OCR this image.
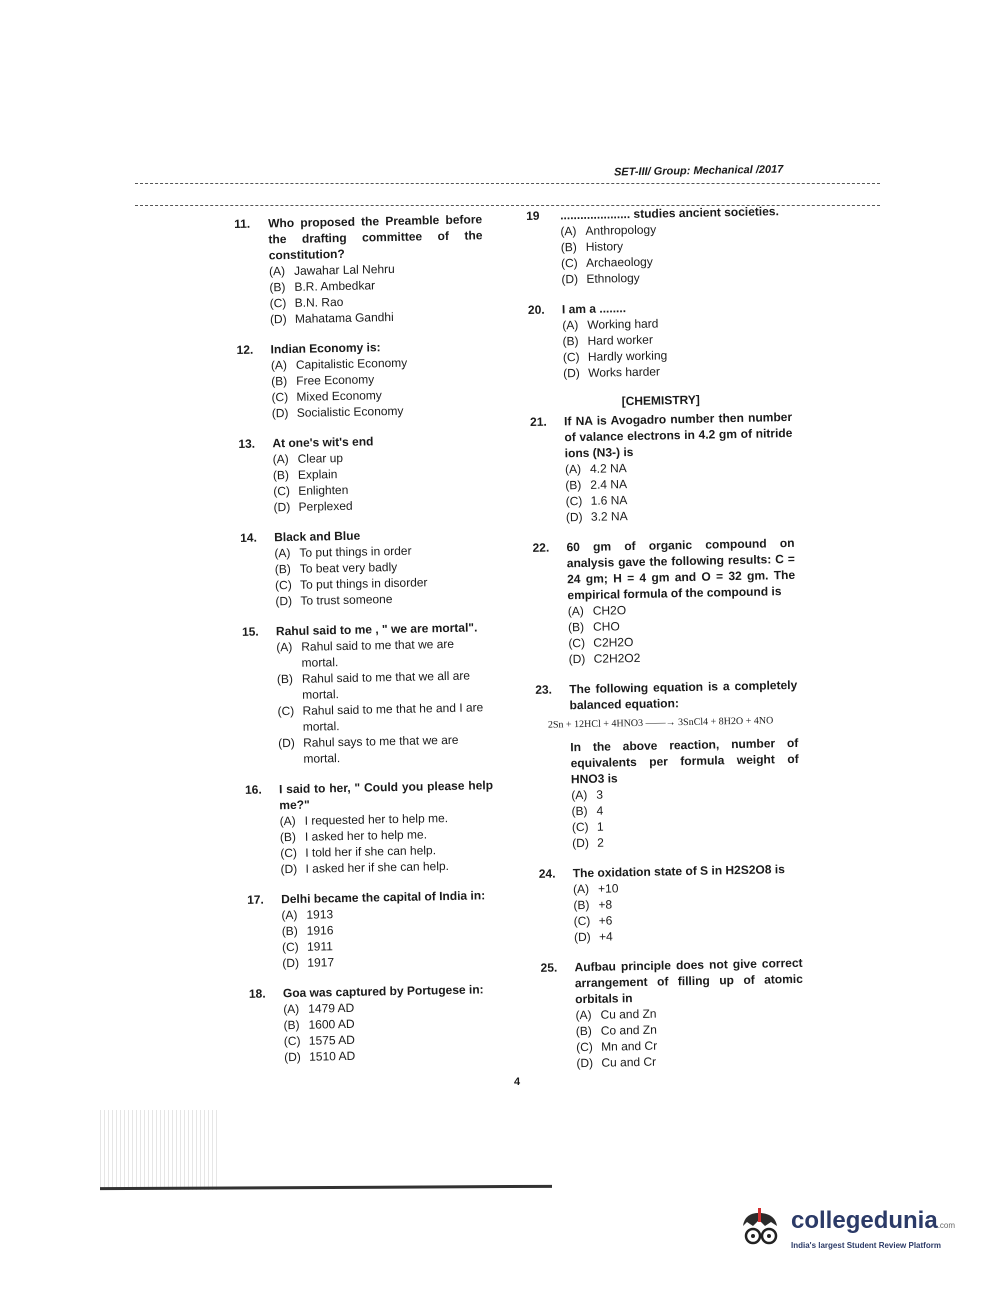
SET-III/ Group: Mechanical /2017
11. Who proposed the Preamble before the drafting committee of the constitution?
(A) Jawahar Lal Nehru
(B) B.R. Ambedkar
(C) B.N. Rao
(D) Mahatama Gandhi
12. Indian Economy is:
(A) Capitalistic Economy
(B) Free Economy
(C) Mixed Economy
(D) Socialistic Economy
13. At one's wit's end
(A) Clear up
(B) Explain
(C) Enlighten
(D) Perplexed
14. Black and Blue
(A) To put things in order
(B) To beat very badly
(C) To put things in disorder
(D) To trust someone
15. Rahul said to me , " we are mortal".
(A) Rahul said to me that we are mortal.
(B) Rahul said to me that we all are mortal.
(C) Rahul said to me that he and I are mortal.
(D) Rahul says to me that we are mortal.
16. I said to her, " Could you please help me?"
(A) I requested her to help me.
(B) I asked her to help me.
(C) I told her if she can help.
(D) I asked her if she can help.
17. Delhi became the capital of India in:
(A) 1913
(B) 1916
(C) 1911
(D) 1917
18. Goa was captured by Portugese in:
(A) 1479 AD
(B) 1600 AD
(C) 1575 AD
(D) 1510 AD
19 ..................... studies ancient societies.
(A) Anthropology
(B) History
(C) Archaeology
(D) Ethnology
20. I am a ........
(A) Working hard
(B) Hard worker
(C) Hardly working
(D) Works harder
[CHEMISTRY]
21. If NA is Avogadro number then number of valance electrons in 4.2 gm of nitride ions (N3-) is
(A) 4.2 NA
(B) 2.4 NA
(C) 1.6 NA
(D) 3.2 NA
22. 60 gm of organic compound on analysis gave the following results: C = 24 gm; H = 4 gm and O = 32 gm. The empirical formula of the compound is
(A) CH2O
(B) CHO
(C) C2H2O
(D) C2H2O2
23. The following equation is a completely balanced equation:
2Sn + 12HCl + 4HNO3 ——→ 3SnCl4 + 8H2O + 4NO
In the above reaction, number of equivalents per formula weight of HNO3 is
(A) 3
(B) 4
(C) 1
(D) 2
24. The oxidation state of S in H2S2O8 is
(A) +10
(B) +8
(C) +6
(D) +4
25. Aufbau principle does not give correct arrangement of filling up of atomic orbitals in
(A) Cu and Zn
(B) Co and Zn
(C) Mn and Cr
(D) Cu and Cr
4
collegedunia.com
India's largest Student Review Platform
